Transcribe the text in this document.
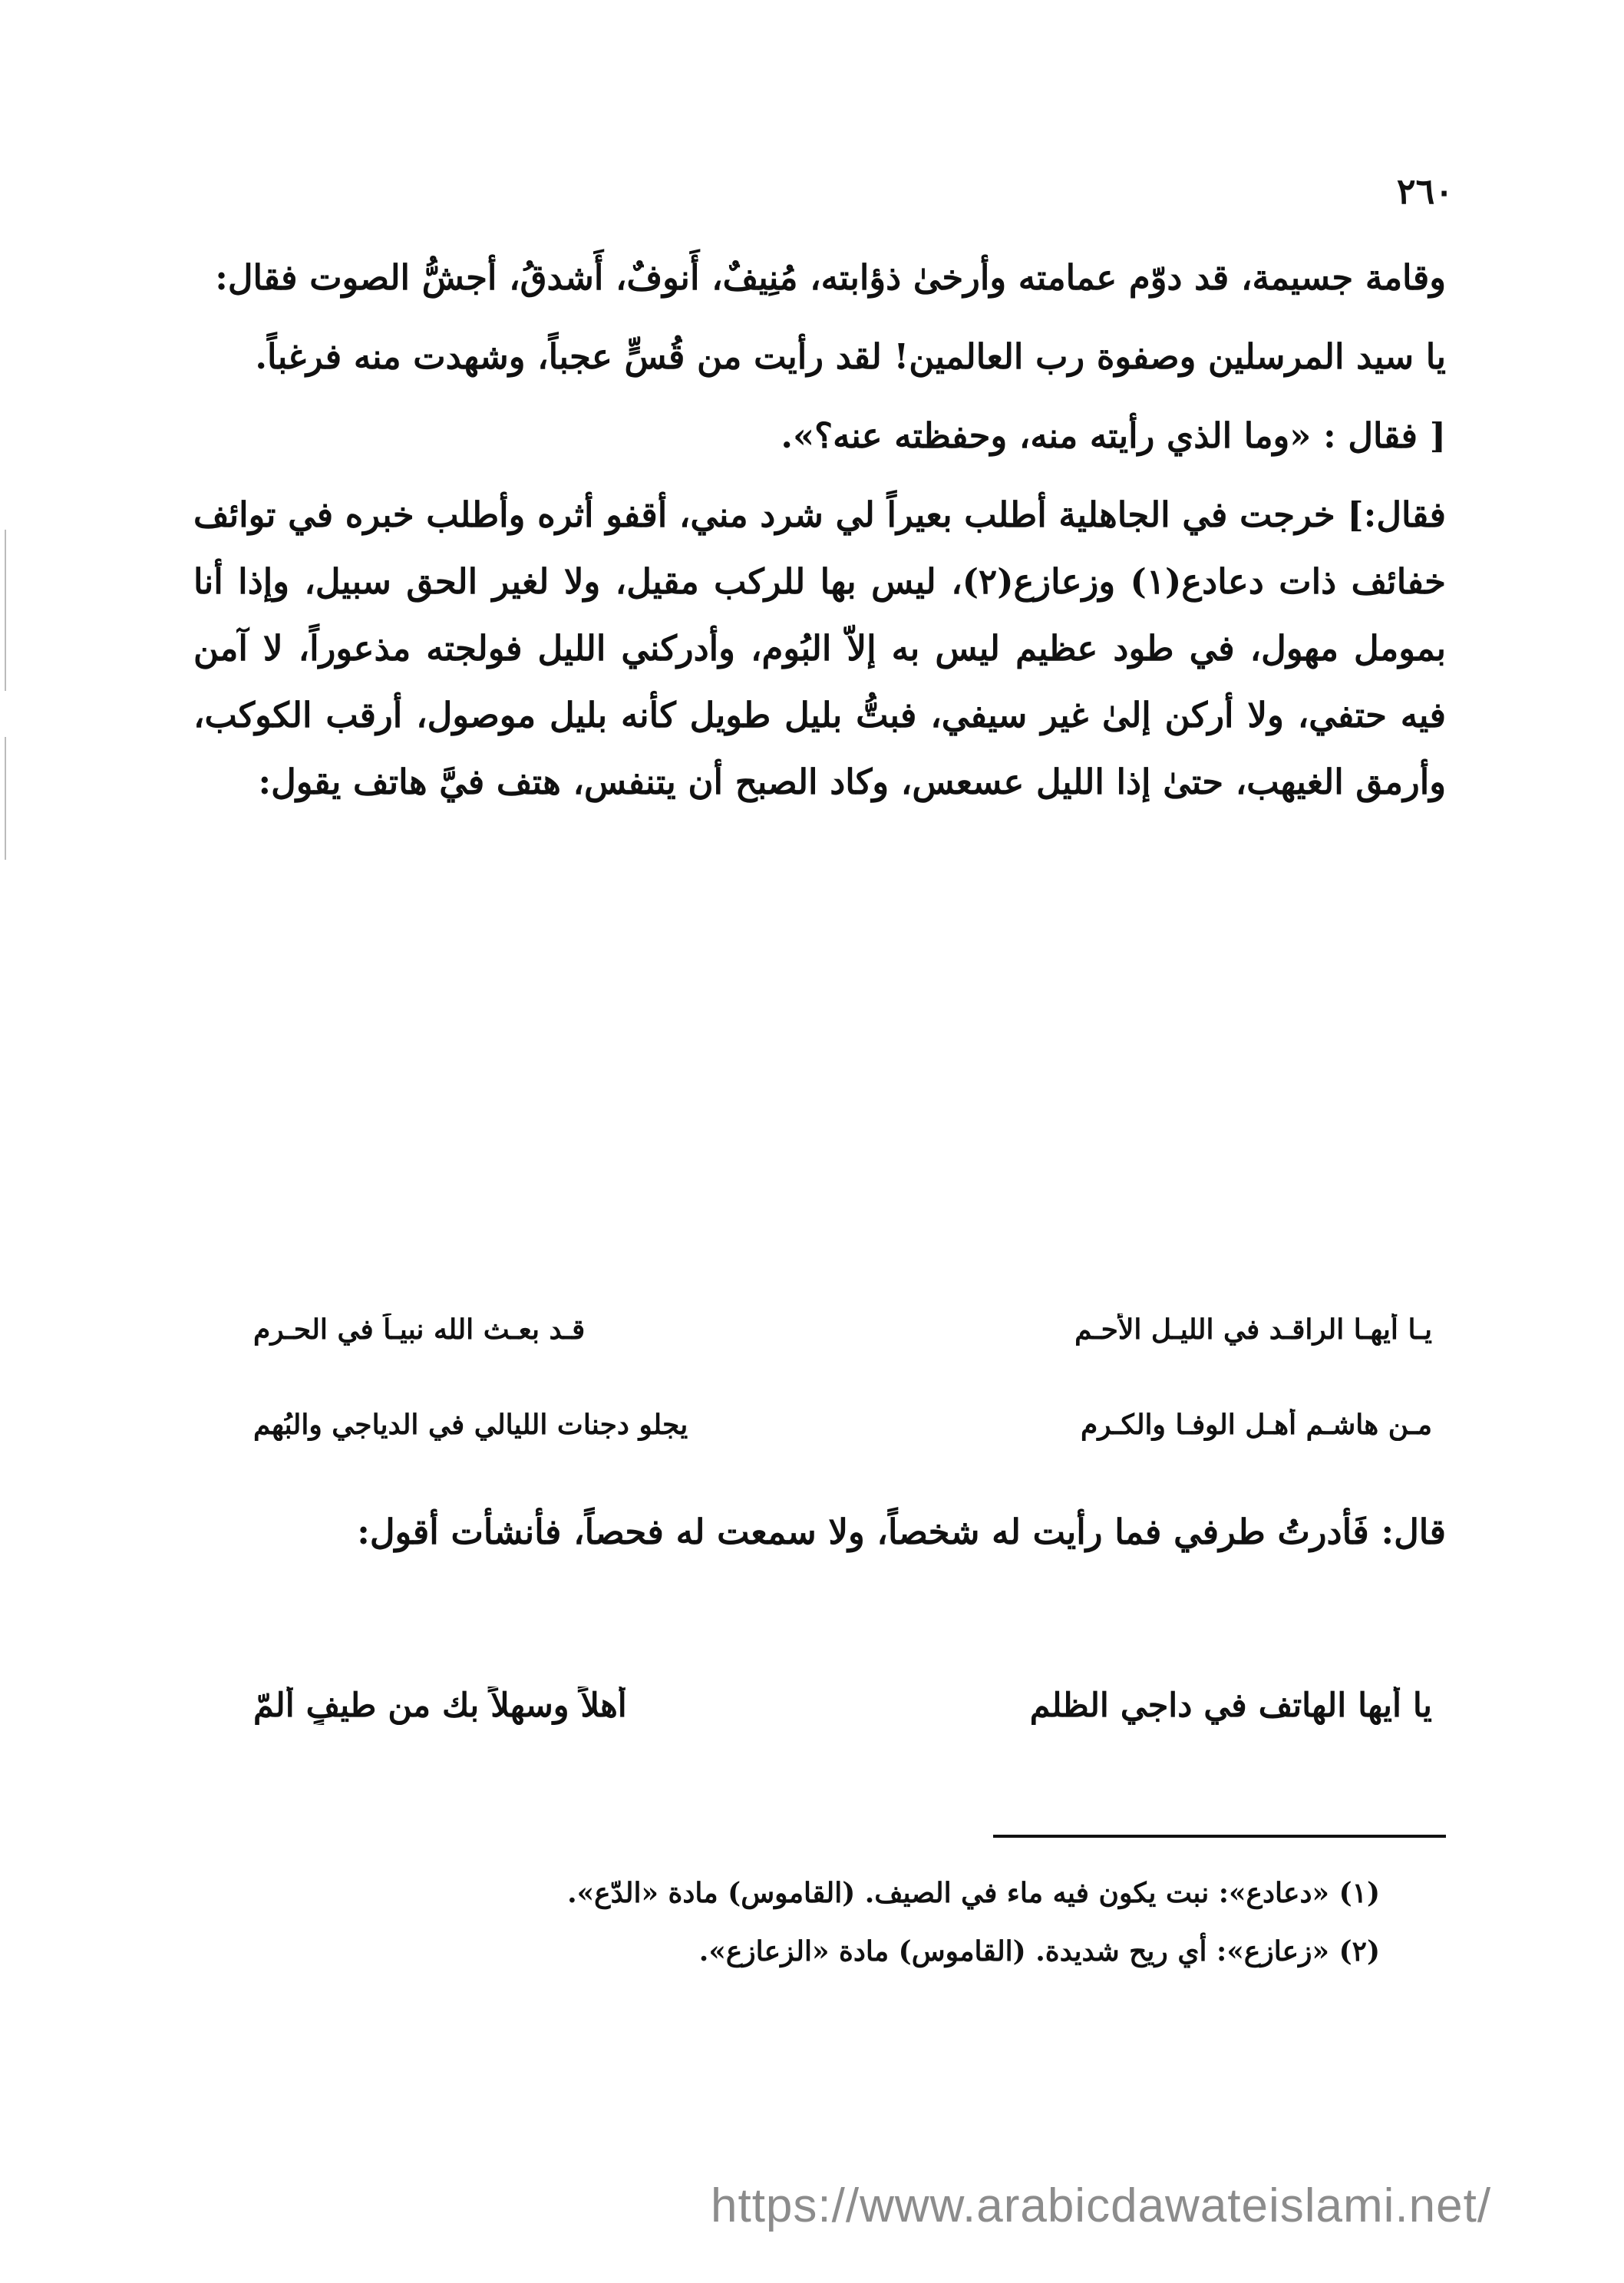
٢٦٠

وقامة جسيمة، قد دوّم عمامته وأرخىٰ ذؤابته، مُنِيفٌ، أَنوفٌ، أَشدقُ، أجشُّ الصوت فقال:

يا سيد المرسلين وصفوة رب العالمين! لقد رأيت من قُسٍّ عجباً، وشهدت منه فرغباً.

[ فقال : «وما الذي رأيته منه، وحفظته عنه؟».

فقال:] خرجت في الجاهلية أطلب بعيراً لي شرد مني، أقفو أثره وأطلب خبره في توائف خفائف ذات دعادع(١) وزعازع(٢)، ليس بها للركب مقيل، ولا لغير الحق سبيل، وإذا أنا بمومل مهول، في طود عظيم ليس به إلاّ البُوم، وأدركني الليل فولجته مذعوراً، لا آمن فيه حتفي، ولا أركن إلىٰ غير سيفي، فبتُّ بليل طويل كأنه بليل موصول، أرقب الكوكب، وأرمق الغيهب، حتىٰ إذا الليل عسعس، وكاد الصبح أن يتنفس، هتف فيَّ هاتف يقول:

يـا أيهـا الراقـد في الليـل الأحـم
قـد بعـث الله نبيـاً في الحـرم
مـن هاشـم أهـل الوفـا والكـرم
يجلو دجنات الليالي في الدياجي والبُهم

قال: فَأدرتُ طرفي فما رأيت له شخصاً، ولا سمعت له فحصاً، فأنشأت أقول:

يا أيها الهاتف في داجي الظلم
أهلاً وسهلاً بك من طيفٍ ألمّ

(١) «دعادع»: نبت يكون فيه ماء في الصيف. (القاموس) مادة «الدّع».

(٢) «زعازع»: أي ريح شديدة. (القاموس) مادة «الزعازع».

https://www.arabicdawateislami.net/
